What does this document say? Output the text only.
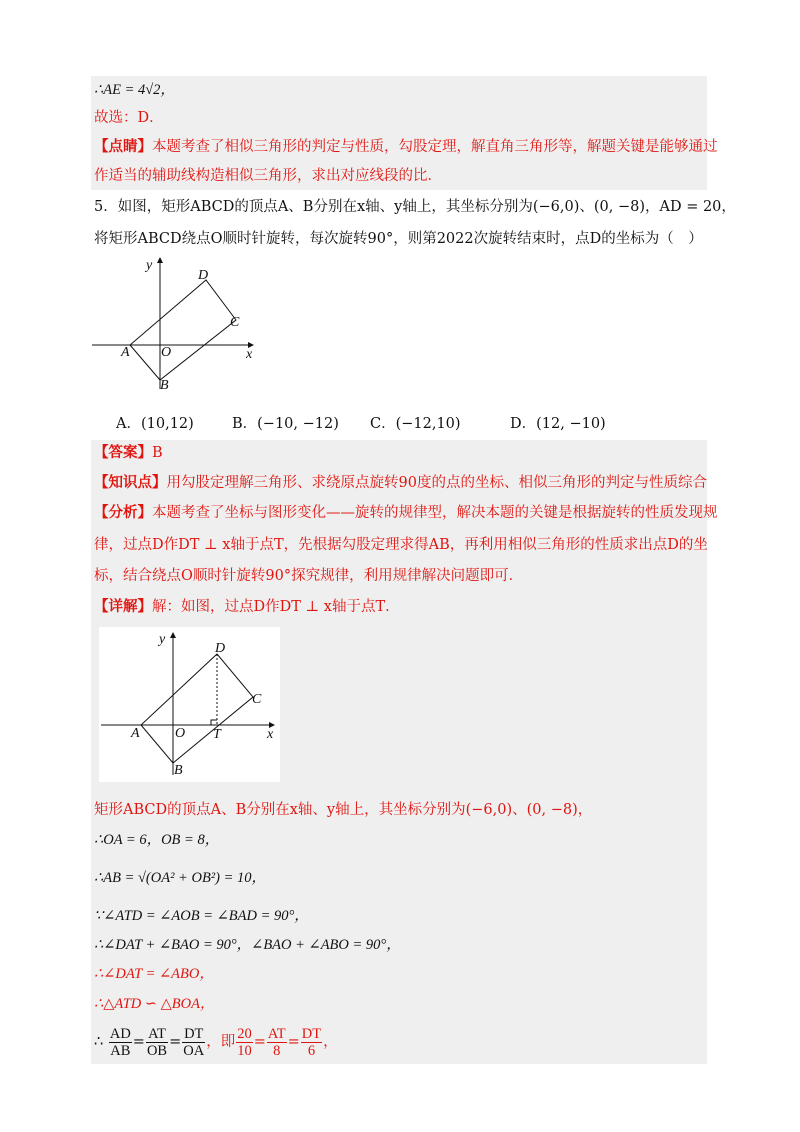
∴AE = 4√2，
故选：D．
【点睛】本题考查了相似三角形的判定与性质，勾股定理，解直角三角形等，解题关键是能够通过
作适当的辅助线构造相似三角形，求出对应线段的比．
5．如图，矩形ABCD的顶点A、B分别在x轴、y轴上，其坐标分别为(−6,0)、(0, −8)，AD = 20，
将矩形ABCD绕点O顺时针旋转，每次旋转90°，则第2022次旋转结束时，点D的坐标为（　）
y
D
C
A O	x
B
A．(10,12)	B．(−10, −12) C．(−12,10)	D．(12, −10)
【答案】B
【知识点】用勾股定理解三角形、求绕原点旋转90度的点的坐标、相似三角形的判定与性质综合
【分析】本题考查了坐标与图形变化——旋转的规律型，解决本题的关键是根据旋转的性质发现规
律，过点D作DT ⊥ x轴于点T，先根据勾股定理求得AB，再利用相似三角形的性质求出点D的坐
标，结合绕点O顺时针旋转90°探究规律，利用规律解决问题即可．
【详解】解：如图，过点D作DT ⊥ x轴于点T．
y
D
C
A	O T	x
B
矩形ABCD的顶点A、B分别在x轴、y轴上，其坐标分别为(−6,0)、(0, −8)，
∴OA = 6，OB = 8，
∴AB = √(OA² + OB²) = 10，
∵∠ATD = ∠AOB = ∠BAD = 90°，
∴∠DAT + ∠BAO = 90°，∠BAO + ∠ABO = 90°，
∴∠DAT = ∠ABO，
∴△ATD ∽ △BOA，
∴ $\frac{AD}{AB} = \frac{AT}{OB} = \frac{DT}{OA}$ ，即 $\frac{20}{10} = \frac{AT}{8} = \frac{DT}{6}$ ，
